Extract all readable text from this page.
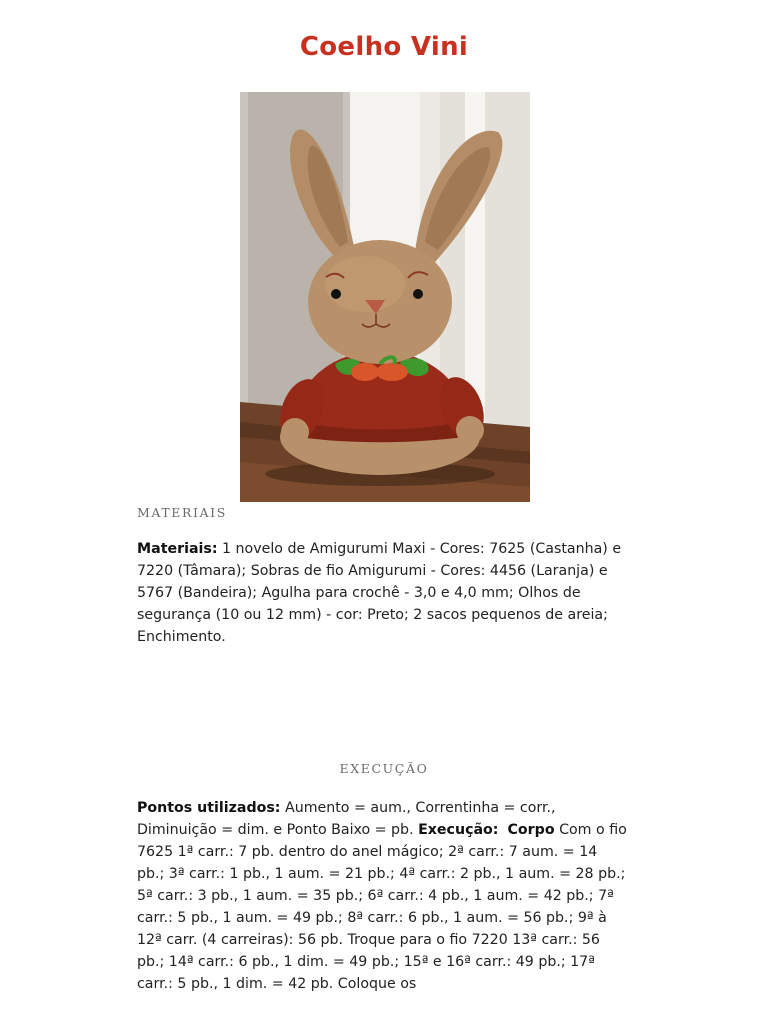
Coelho Vini
MATERIAIS
Materiais: 1 novelo de Amigurumi Maxi - Cores: 7625 (Castanha) e 7220 (Tâmara); Sobras de fio Amigurumi - Cores: 4456 (Laranja) e 5767 (Bandeira); Agulha para crochê - 3,0 e 4,0 mm; Olhos de segurança (10 ou 12 mm) - cor: Preto; 2 sacos pequenos de areia; Enchimento.
EXECUÇÃO
Pontos utilizados: Aumento = aum., Correntinha = corr., Diminuição = dim. e Ponto Baixo = pb. Execução: Corpo Com o fio 7625 1ª carr.: 7 pb. dentro do anel mágico; 2ª carr.: 7 aum. = 14 pb.; 3ª carr.: 1 pb., 1 aum. = 21 pb.; 4ª carr.: 2 pb., 1 aum. = 28 pb.; 5ª carr.: 3 pb., 1 aum. = 35 pb.; 6ª carr.: 4 pb., 1 aum. = 42 pb.; 7ª carr.: 5 pb., 1 aum. = 49 pb.; 8ª carr.: 6 pb., 1 aum. = 56 pb.; 9ª à 12ª carr. (4 carreiras): 56 pb. Troque para o fio 7220 13ª carr.: 56 pb.; 14ª carr.: 6 pb., 1 dim. = 49 pb.; 15ª e 16ª carr.: 49 pb.; 17ª carr.: 5 pb., 1 dim. = 42 pb. Coloque os
